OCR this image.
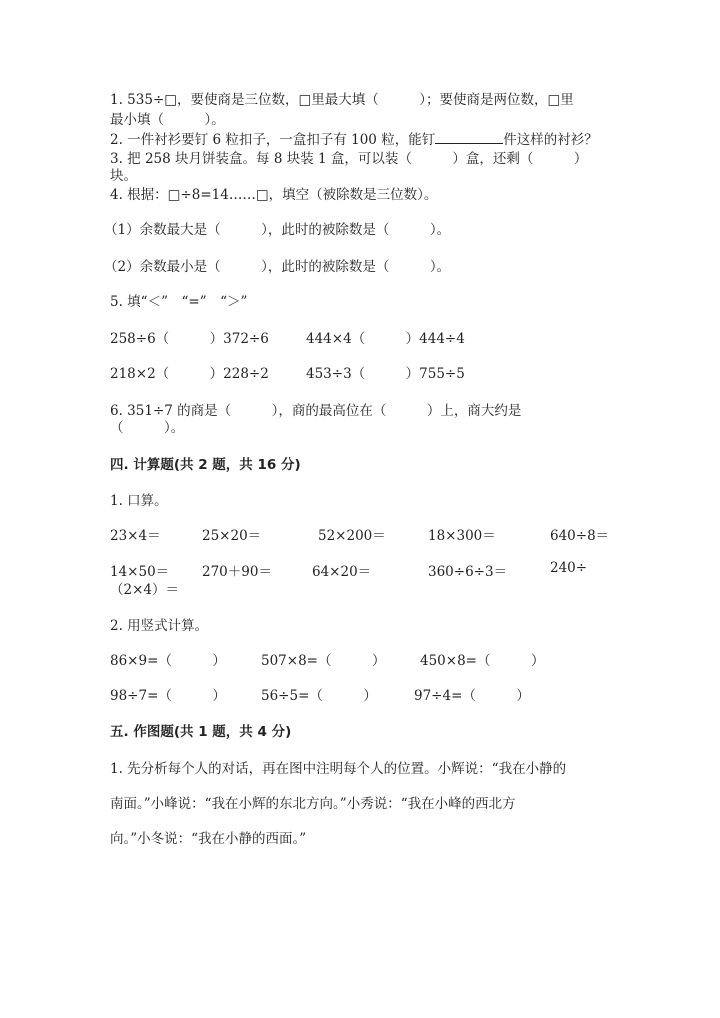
1. 535÷□，要使商是三位数，□里最大填（　　　）；要使商是两位数，□里
最小填（　　　）。
2. 一件衬衫要钉 6 粒扣子，一盒扣子有 100 粒，能钉	件这样的衬衫？
3. 把 258 块月饼装盒。每 8 块装 1 盒，可以装（　　　）盒，还剩（　　　）
块。
4. 根据：□÷8=14……□，填空（被除数是三位数）。
（1）余数最大是（　　　），此时的被除数是（　　　）。
（2）余数最小是（　　　），此时的被除数是（　　　）。
5. 填“＜”　“=”　“＞”
258÷6（　　　）372÷6	444×4（　　　）444÷4
218×2（　　　）228÷2	453÷3（　　　）755÷5
6. 351÷7 的商是（　　　），商的最高位在（　　　）上，商大约是
（　　　）。
四. 计算题(共 2 题，共 16 分)
1. 口算。
23×4＝	25×20＝	52×200＝	18×300＝	640÷8＝
14×50＝ 270＋90＝	64×20＝	360÷6÷3＝	240÷
（2×4）＝
2. 用竖式计算。
86×9=（　　　）	507×8=（　　　）	450×8=（　　　）
98÷7=（　　　）	56÷5=（　　　）	97÷4=（　　　）
五. 作图题(共 1 题，共 4 分)
1. 先分析每个人的对话，再在图中注明每个人的位置。小辉说：“我在小静的
南面。”小峰说：“我在小辉的东北方向。”小秀说：“我在小峰的西北方
向。”小冬说：“我在小静的西面。”
